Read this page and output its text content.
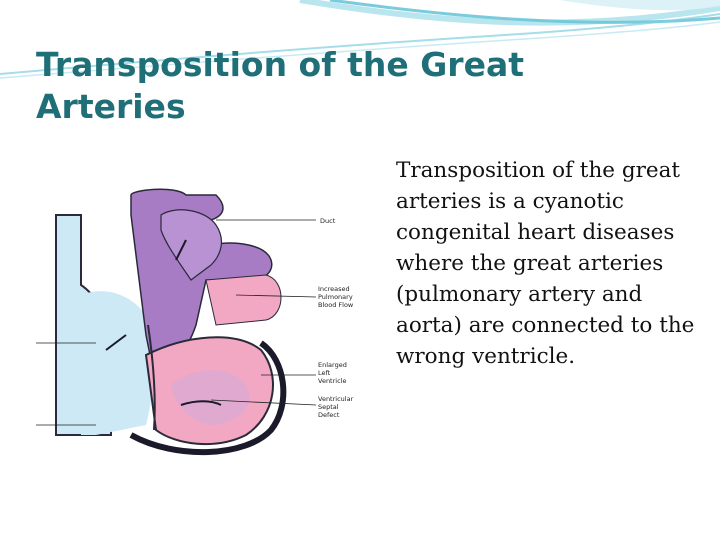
Transposition of the Great Arteries

Transposition of the great arteries is a cyanotic congenital heart diseases where the great arteries (pulmonary artery and aorta) are connected to the wrong ventricle.

Duct
Increased
Pulmonary
Blood Flow
Enlarged
Left
Ventricle
Ventricular
Septal
Defect
